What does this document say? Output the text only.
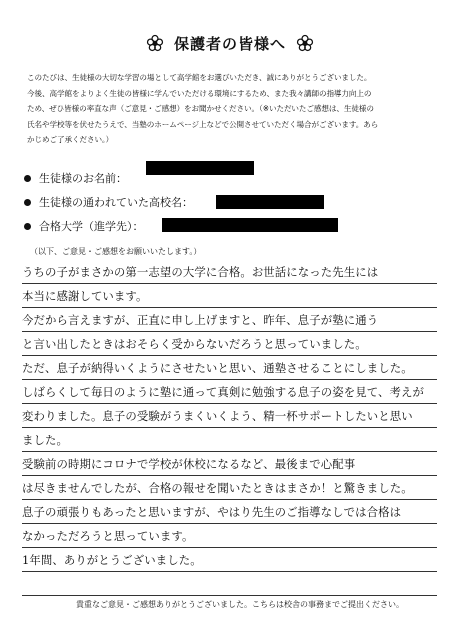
保護者の皆様へ

このたびは、生徒様の大切な学習の場として高学館をお選びいただき、誠にありがとうございました。

今後、高学館をよりよく生徒の皆様に学んでいただける環境にするため、また我々講師の指導力向上の

ため、ぜひ皆様の率直な声（ご意見・ご感想）をお聞かせください。（※いただいたご感想は、生徒様の

氏名や学校等を伏せたうえで、当塾のホームページ上などで公開させていただく場合がございます。あら

かじめご了承ください。）

生徒様のお名前：
生徒様の通われていた高校名：
合格大学（進学先）：
（以下、ご意見・ご感想をお願いいたします。）
うちの子がまさかの第一志望の大学に合格。お世話になった先生には
本当に感謝しています。
今だから言えますが、正直に申し上げますと、昨年、息子が塾に通う
と言い出したときはおそらく受からないだろうと思っていました。
ただ、息子が納得いくようにさせたいと思い、通塾させることにしました。
しばらくして毎日のように塾に通って真剣に勉強する息子の姿を見て、考えが
変わりました。息子の受験がうまくいくよう、精一杯サポートしたいと思い
ました。
受験前の時期にコロナで学校が休校になるなど、最後まで心配事
は尽きませんでしたが、合格の報せを聞いたときはまさか！と驚きました。
息子の頑張りもあったと思いますが、やはり先生のご指導なしでは合格は
なかっただろうと思っています。
1年間、ありがとうございました。
貴重なご意見・ご感想ありがとうございました。こちらは校舎の事務までご提出ください。
